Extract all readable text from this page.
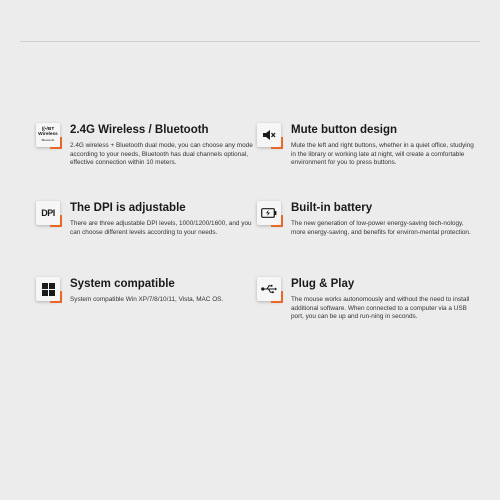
((•/BT
Wireless
Bluetooth
2.4G Wireless / Bluetooth
2.4G wireless + Bluetooth dual mode, you can choose any mode according to your needs, Bluetooth has dual channels optional, effective connection within 10 meters.
Mute button design
Mute the left and right buttons, whether in a quiet office, studying in the library or working late at night, will create a comfortable environment for you to press buttons.
DPI The DPI is adjustable
There are three adjustable DPI levels, 1000/1200/1600, and you can choose different levels according to your needs.
Built-in battery
The new generation of low-power energy-saving tech-nology, more energy-saving, and benefits for environ-mental protection.
System compatible
System compatible Win XP/7/8/10/11, Vista, MAC OS.
Plug & Play
The mouse works autonomously and without the need to install additional software. When connected to a computer via a USB port, you can be up and run-ning in seconds.
